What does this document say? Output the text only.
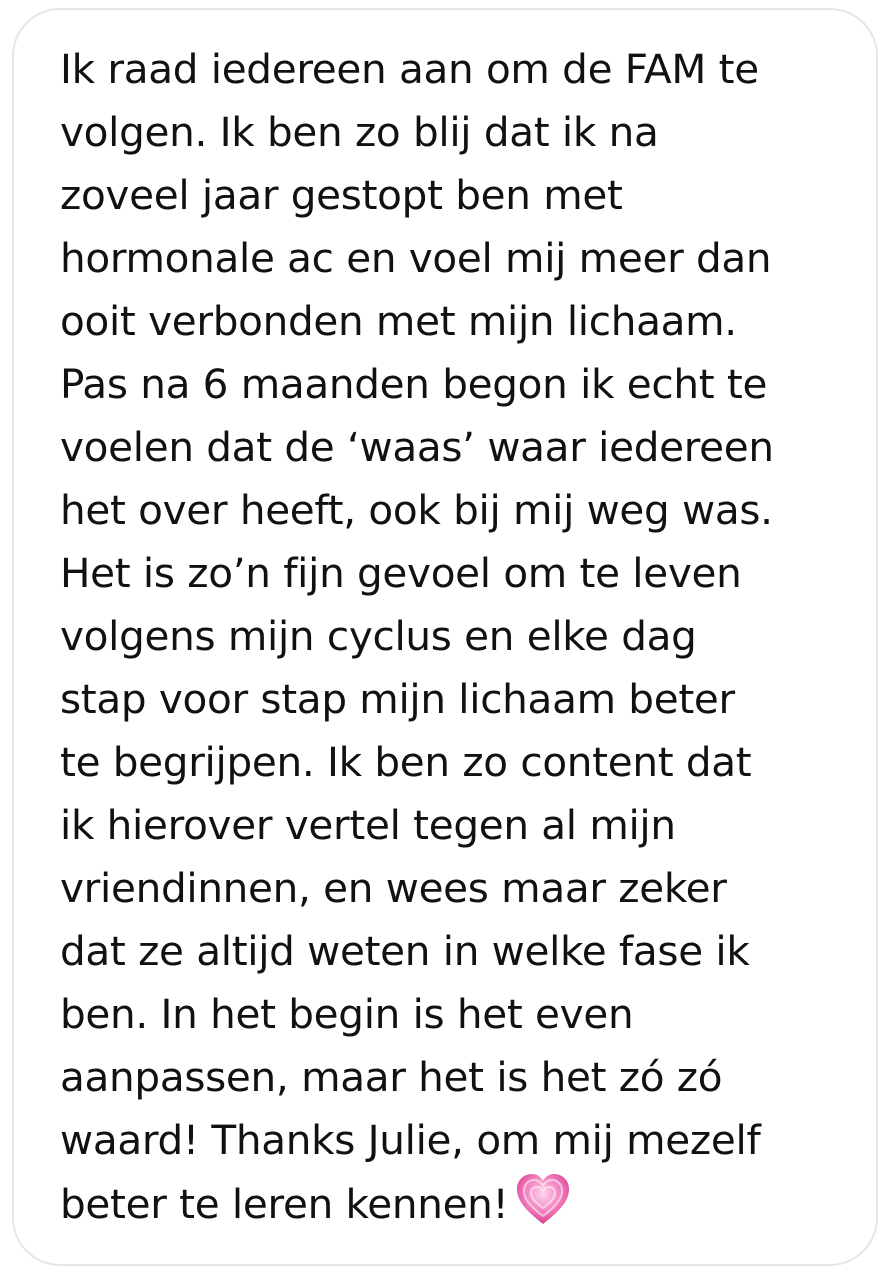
Ik raad iedereen aan om de FAM te
volgen. Ik ben zo blij dat ik na
zoveel jaar gestopt ben met
hormonale ac en voel mij meer dan
ooit verbonden met mijn lichaam.
Pas na 6 maanden begon ik echt te
voelen dat de ‘waas’ waar iedereen
het over heeft, ook bij mij weg was.
Het is zo’n fijn gevoel om te leven
volgens mijn cyclus en elke dag
stap voor stap mijn lichaam beter
te begrijpen. Ik ben zo content dat
ik hierover vertel tegen al mijn
vriendinnen, en wees maar zeker
dat ze altijd weten in welke fase ik
ben. In het begin is het even
aanpassen, maar het is het zó zó
waard! Thanks Julie, om mij mezelf
beter te leren kennen!
